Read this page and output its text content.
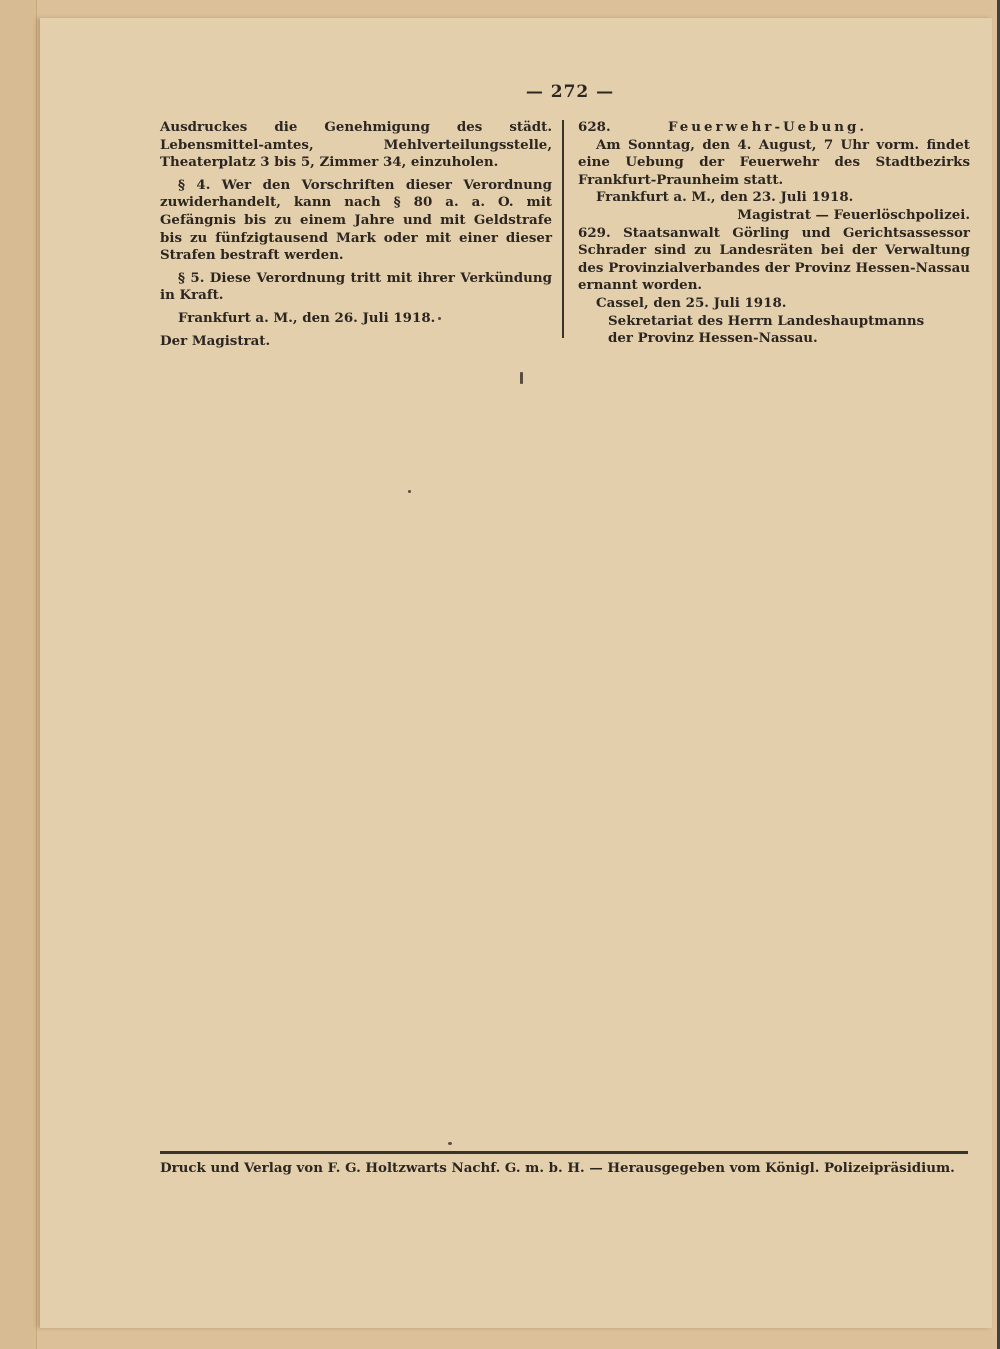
— 272 —

Ausdruckes die Genehmigung des städt. Lebensmittel-amtes, Mehlverteilungsstelle, Theaterplatz 3 bis 5, Zimmer 34, einzuholen.

§ 4. Wer den Vorschriften dieser Verordnung zuwiderhandelt, kann nach § 80 a. a. O. mit Gefängnis bis zu einem Jahre und mit Geldstrafe bis zu fünfzigtausend Mark oder mit einer dieser Strafen bestraft werden.

§ 5. Diese Verordnung tritt mit ihrer Verkündung in Kraft.

Frankfurt a. M., den 26. Juli 1918.

Der Magistrat.

628.	Feuerwehr-Uebung.

Am Sonntag, den 4. August, 7 Uhr vorm. findet eine Uebung der Feuerwehr des Stadtbezirks Frankfurt-Praunheim statt.

Frankfurt a. M., den 23. Juli 1918.

Magistrat — Feuerlöschpolizei.

629. Staatsanwalt Görling und Gerichtsassessor Schrader sind zu Landesräten bei der Verwaltung des Provinzialverbandes der Provinz Hessen-Nassau ernannt worden.

Cassel, den 25. Juli 1918.

Sekretariat des Herrn Landeshauptmanns

der Provinz Hessen-Nassau.

Druck und Verlag von F. G. Holtzwarts Nachf. G. m. b. H. — Herausgegeben vom Königl. Polizeipräsidium.
